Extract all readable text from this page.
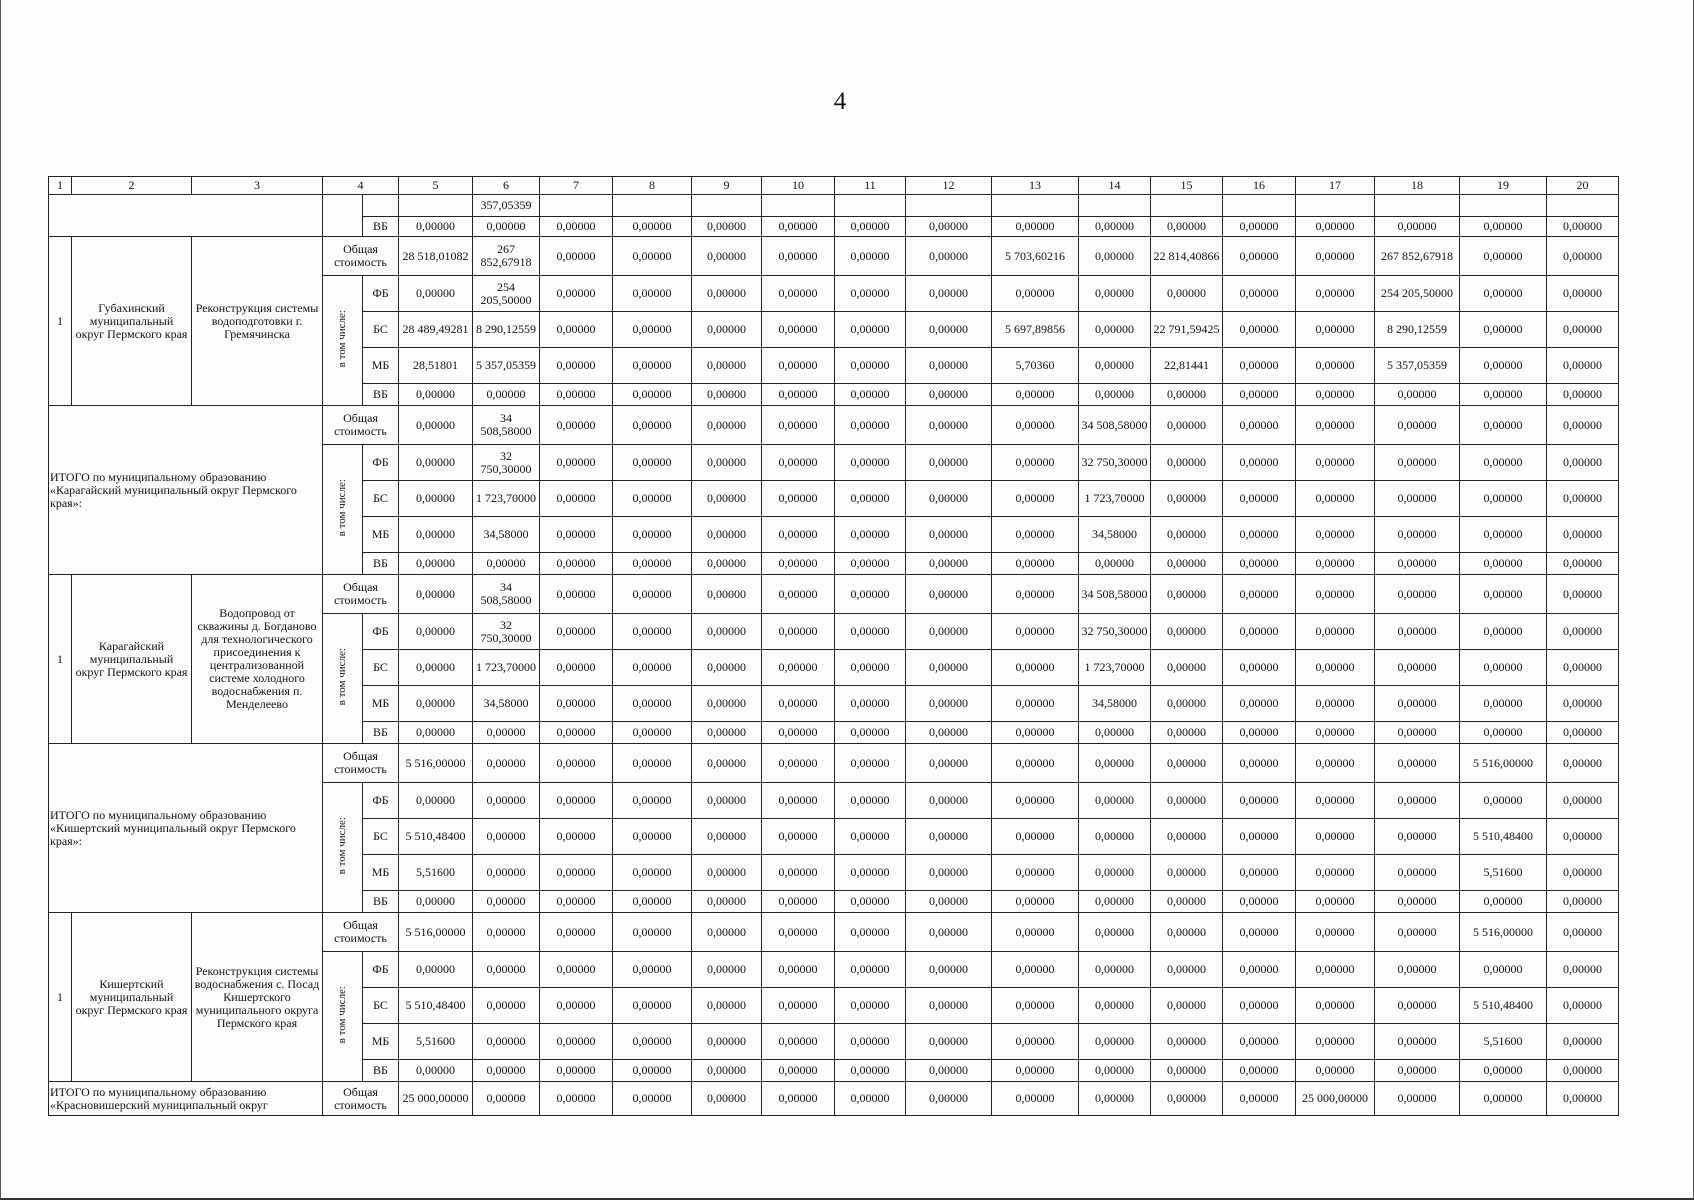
4
1	2	3	4		5	6	7	8	9	10	11	12	13	14	15	16	17	18	19	20
						357,05359														
				ВБ	0,00000	0,00000	0,00000	0,00000	0,00000	0,00000	0,00000	0,00000	0,00000	0,00000	0,00000	0,00000	0,00000	0,00000	0,00000	0,00000
1	Губахинский муниципальный округ Пермского края	Реконструкция системы водоподготовки г. Гремячинска	Общая стоимость		28 518,01082	267 852,67918	0,00000	0,00000	0,00000	0,00000	0,00000	0,00000	5 703,60216	0,00000	22 814,40866	0,00000	0,00000	267 852,67918	0,00000	0,00000
			в том числе:	ФБ	0,00000	254 205,50000	0,00000	0,00000	0,00000	0,00000	0,00000	0,00000	0,00000	0,00000	0,00000	0,00000	0,00000	254 205,50000	0,00000	0,00000
				БС	28 489,49281	8 290,12559	0,00000	0,00000	0,00000	0,00000	0,00000	0,00000	5 697,89856	0,00000	22 791,59425	0,00000	0,00000	8 290,12559	0,00000	0,00000
				МБ	28,51801	5 357,05359	0,00000	0,00000	0,00000	0,00000	0,00000	0,00000	5,70360	0,00000	22,81441	0,00000	0,00000	5 357,05359	0,00000	0,00000
				ВБ	0,00000	0,00000	0,00000	0,00000	0,00000	0,00000	0,00000	0,00000	0,00000	0,00000	0,00000	0,00000	0,00000	0,00000	0,00000	0,00000
ИТОГО по муниципальному образованию «Карагайский муниципальный округ Пермского края»:			Общая стоимость		0,00000	34 508,58000	0,00000	0,00000	0,00000	0,00000	0,00000	0,00000	0,00000	34 508,58000	0,00000	0,00000	0,00000	0,00000	0,00000	0,00000
			в том числе:	ФБ	0,00000	32 750,30000	0,00000	0,00000	0,00000	0,00000	0,00000	0,00000	0,00000	32 750,30000	0,00000	0,00000	0,00000	0,00000	0,00000	0,00000
				БС	0,00000	1 723,70000	0,00000	0,00000	0,00000	0,00000	0,00000	0,00000	0,00000	1 723,70000	0,00000	0,00000	0,00000	0,00000	0,00000	0,00000
				МБ	0,00000	34,58000	0,00000	0,00000	0,00000	0,00000	0,00000	0,00000	0,00000	34,58000	0,00000	0,00000	0,00000	0,00000	0,00000	0,00000
				ВБ	0,00000	0,00000	0,00000	0,00000	0,00000	0,00000	0,00000	0,00000	0,00000	0,00000	0,00000	0,00000	0,00000	0,00000	0,00000	0,00000
1	Карагайский муниципальный округ Пермского края	Водопровод от скважины д. Богданово для технологического присоединения к централизованной системе холодного водоснабжения п. Менделеево	Общая стоимость		0,00000	34 508,58000	0,00000	0,00000	0,00000	0,00000	0,00000	0,00000	0,00000	34 508,58000	0,00000	0,00000	0,00000	0,00000	0,00000	0,00000
			в том числе:	ФБ	0,00000	32 750,30000	0,00000	0,00000	0,00000	0,00000	0,00000	0,00000	0,00000	32 750,30000	0,00000	0,00000	0,00000	0,00000	0,00000	0,00000
				БС	0,00000	1 723,70000	0,00000	0,00000	0,00000	0,00000	0,00000	0,00000	0,00000	1 723,70000	0,00000	0,00000	0,00000	0,00000	0,00000	0,00000
				МБ	0,00000	34,58000	0,00000	0,00000	0,00000	0,00000	0,00000	0,00000	0,00000	34,58000	0,00000	0,00000	0,00000	0,00000	0,00000	0,00000
				ВБ	0,00000	0,00000	0,00000	0,00000	0,00000	0,00000	0,00000	0,00000	0,00000	0,00000	0,00000	0,00000	0,00000	0,00000	0,00000	0,00000
ИТОГО по муниципальному образованию «Кишертский муниципальный округ Пермского края»:			Общая стоимость		5 516,00000	0,00000	0,00000	0,00000	0,00000	0,00000	0,00000	0,00000	0,00000	0,00000	0,00000	0,00000	0,00000	0,00000	5 516,00000	0,00000
			в том числе:	ФБ	0,00000	0,00000	0,00000	0,00000	0,00000	0,00000	0,00000	0,00000	0,00000	0,00000	0,00000	0,00000	0,00000	0,00000	0,00000	0,00000
				БС	5 510,48400	0,00000	0,00000	0,00000	0,00000	0,00000	0,00000	0,00000	0,00000	0,00000	0,00000	0,00000	0,00000	0,00000	5 510,48400	0,00000
				МБ	5,51600	0,00000	0,00000	0,00000	0,00000	0,00000	0,00000	0,00000	0,00000	0,00000	0,00000	0,00000	0,00000	0,00000	5,51600	0,00000
				ВБ	0,00000	0,00000	0,00000	0,00000	0,00000	0,00000	0,00000	0,00000	0,00000	0,00000	0,00000	0,00000	0,00000	0,00000	0,00000	0,00000
1	Кишертский муниципальный округ Пермского края	Реконструкция системы водоснабжения с. Посад Кишертского муниципального округа Пермского края	Общая стоимость		5 516,00000	0,00000	0,00000	0,00000	0,00000	0,00000	0,00000	0,00000	0,00000	0,00000	0,00000	0,00000	0,00000	0,00000	5 516,00000	0,00000
			в том числе:	ФБ	0,00000	0,00000	0,00000	0,00000	0,00000	0,00000	0,00000	0,00000	0,00000	0,00000	0,00000	0,00000	0,00000	0,00000	0,00000	0,00000
				БС	5 510,48400	0,00000	0,00000	0,00000	0,00000	0,00000	0,00000	0,00000	0,00000	0,00000	0,00000	0,00000	0,00000	0,00000	5 510,48400	0,00000
				МБ	5,51600	0,00000	0,00000	0,00000	0,00000	0,00000	0,00000	0,00000	0,00000	0,00000	0,00000	0,00000	0,00000	0,00000	5,51600	0,00000
				ВБ	0,00000	0,00000	0,00000	0,00000	0,00000	0,00000	0,00000	0,00000	0,00000	0,00000	0,00000	0,00000	0,00000	0,00000	0,00000	0,00000
ИТОГО по муниципальному образованию «Красновишерский муниципальный округ			Общая стоимость		25 000,00000	0,00000	0,00000	0,00000	0,00000	0,00000	0,00000	0,00000	0,00000	0,00000	0,00000	0,00000	25 000,00000	0,00000	0,00000	0,00000
